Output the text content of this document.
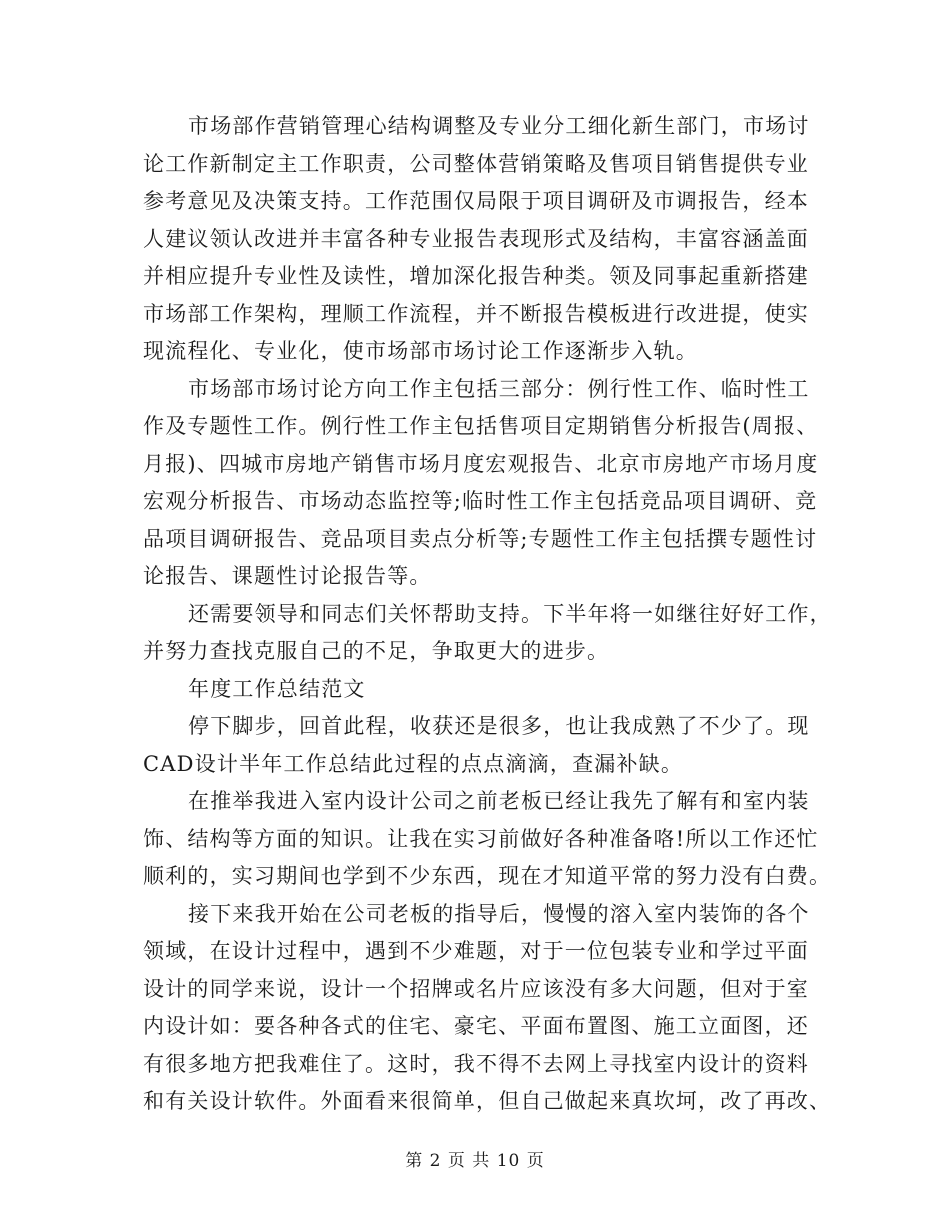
市场部作营销管理心结构调整及专业分工细化新生部门，市场讨
论工作新制定主工作职责，公司整体营销策略及售项目销售提供专业
参考意见及决策支持。工作范围仅局限于项目调研及市调报告，经本
人建议领认改进并丰富各种专业报告表现形式及结构，丰富容涵盖面
并相应提升专业性及读性，增加深化报告种类。领及同事起重新搭建
市场部工作架构，理顺工作流程，并不断报告模板进行改进提，使实
现流程化、专业化，使市场部市场讨论工作逐渐步入轨。

市场部市场讨论方向工作主包括三部分：例行性工作、临时性工
作及专题性工作。例行性工作主包括售项目定期销售分析报告(周报、
月报)、四城市房地产销售市场月度宏观报告、北京市房地产市场月度
宏观分析报告、市场动态监控等;临时性工作主包括竞品项目调研、竞
品项目调研报告、竞品项目卖点分析等;专题性工作主包括撰专题性讨
论报告、课题性讨论报告等。

还需要领导和同志们关怀帮助支持。下半年将一如继往好好工作，
并努力查找克服自己的不足，争取更大的进步。

年度工作总结范文

停下脚步，回首此程，收获还是很多，也让我成熟了不少了。现
CAD设计半年工作总结此过程的点点滴滴，查漏补缺。

在推举我进入室内设计公司之前老板已经让我先了解有和室内装
饰、结构等方面的知识。让我在实习前做好各种准备咯!所以工作还忙
顺利的，实习期间也学到不少东西，现在才知道平常的努力没有白费。

接下来我开始在公司老板的指导后，慢慢的溶入室内装饰的各个
领域，在设计过程中，遇到不少难题，对于一位包装专业和学过平面
设计的同学来说，设计一个招牌或名片应该没有多大问题，但对于室
内设计如：要各种各式的住宅、豪宅、平面布置图、施工立面图，还
有很多地方把我难住了。这时，我不得不去网上寻找室内设计的资料
和有关设计软件。外面看来很简单，但自己做起来真坎坷，改了再改、

第 2 页 共 10 页
